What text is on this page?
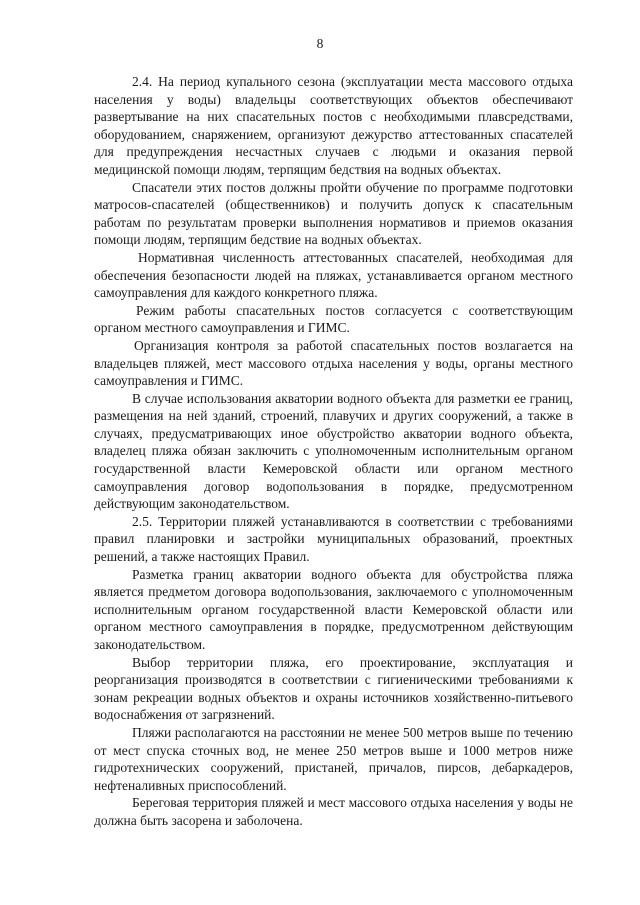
8

2.4. На период купального сезона (эксплуатации места массового отдыха населения у воды) владельцы соответствующих объектов обеспечивают развертывание на них спасательных постов с необходимыми плавсредствами, оборудованием, снаряжением, организуют дежурство аттестованных спасателей для предупреждения несчастных случаев с людьми и оказания первой медицинской помощи людям, терпящим бедствия на водных объектах.

Спасатели этих постов должны пройти обучение по программе подготовки матросов-спасателей (общественников) и получить допуск к спасательным работам по результатам проверки выполнения нормативов и приемов оказания помощи людям, терпящим бедствие на водных объектах.

Нормативная численность аттестованных спасателей, необходимая для обеспечения безопасности людей на пляжах, устанавливается органом местного самоуправления для каждого конкретного пляжа.

Режим работы спасательных постов согласуется с соответствующим органом местного самоуправления и ГИМС.

Организация контроля за работой спасательных постов возлагается на владельцев пляжей, мест массового отдыха населения у воды, органы местного самоуправления и ГИМС.

В случае использования акватории водного объекта для разметки ее границ, размещения на ней зданий, строений, плавучих и других сооружений, а также в случаях, предусматривающих иное обустройство акватории водного объекта, владелец пляжа обязан заключить с уполномоченным исполнительным органом государственной власти Кемеровской области или органом местного самоуправления договор водопользования в порядке, предусмотренном действующим законодательством.

2.5. Территории пляжей устанавливаются в соответствии с требованиями правил планировки и застройки муниципальных образований, проектных решений, а также настоящих Правил.

Разметка границ акватории водного объекта для обустройства пляжа является предметом договора водопользования, заключаемого с уполномоченным исполнительным органом государственной власти Кемеровской области или органом местного самоуправления в порядке, предусмотренном действующим законодательством.

Выбор территории пляжа, его проектирование, эксплуатация и реорганизация производятся в соответствии с гигиеническими требованиями к зонам рекреации водных объектов и охраны источников хозяйственно-питьевого водоснабжения от загрязнений.

Пляжи располагаются на расстоянии не менее 500 метров выше по течению от мест спуска сточных вод, не менее 250 метров выше и 1000 метров ниже гидротехнических сооружений, пристаней, причалов, пирсов, дебаркадеров, нефтеналивных приспособлений.

Береговая территория пляжей и мест массового отдыха населения у воды не должна быть засорена и заболочена.
